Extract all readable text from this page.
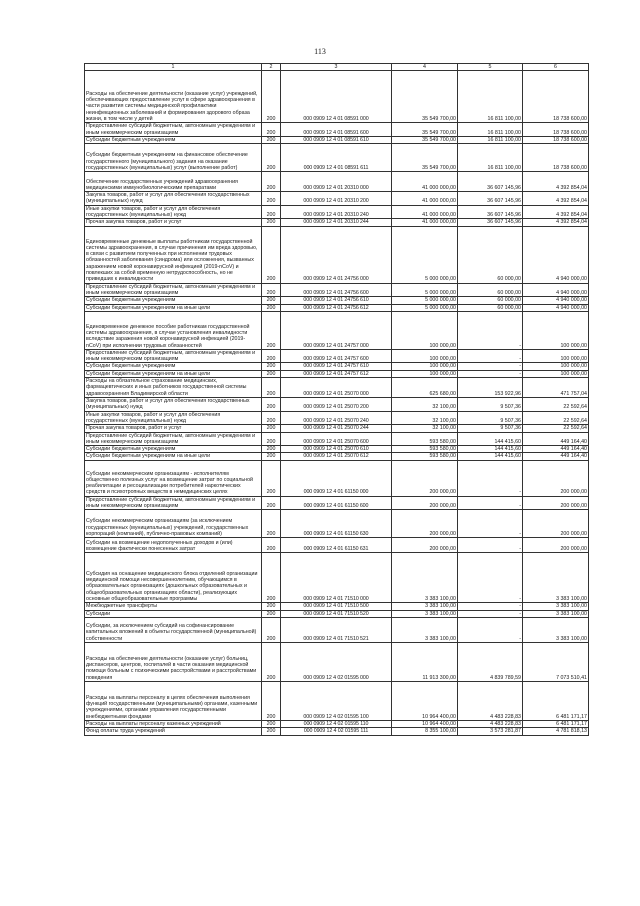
113
1	2	3	4	5	6
Расходы на обеспечение деятельности (оказание услуг) учреждений, обеспечивающих предоставление услуг в сфере здравоохранения в части развития системы медицинской профилактики неинфекционных заболеваний и формирования здорового образа жизни, в том числе у детей	200	000 0909 12 4 01 08591 000	35 549 700,00	16 811 100,00	18 738 600,00
Предоставление субсидий бюджетным, автономным учреждениям и иным некоммерческим организациям	200	000 0909 12 4 01 08591 600	35 549 700,00	16 811 100,00	18 738 600,00
Субсидии бюджетным учреждениям	200	000 0909 12 4 01 08591 610	35 549 700,00	16 811 100,00	18 738 600,00
Субсидии бюджетным учреждениям на финансовое обеспечение государственного (муниципального) задания на оказание государственных (муниципальных) услуг (выполнение работ)	200	000 0909 12 4 01 08591 611	35 549 700,00	16 811 100,00	18 738 600,00
Обеспечение государственных учреждений здравоохранения медицинскими иммунобиологическими препаратами	200	000 0909 12 4 01 20310 000	41 000 000,00	36 607 145,96	4 392 854,04
Закупка товаров, работ и услуг для обеспечения государственных (муниципальных) нужд	200	000 0909 12 4 01 20310 200	41 000 000,00	36 607 145,96	4 392 854,04
Иные закупки товаров, работ и услуг для обеспечения государственных (муниципальных) нужд	200	000 0909 12 4 01 20310 240	41 000 000,00	36 607 145,96	4 392 854,04
Прочая закупка товаров, работ и услуг	200	000 0909 12 4 01 20310 244	41 000 000,00	36 607 145,96	4 392 854,04
Единовременные денежные выплаты работникам государственной системы здравоохранения, в случае причинения им вреда здоровью, в связи с развитием полученных при исполнении трудовых обязанностей заболевания (синдрома) или осложнения, вызванных заражением новой коронавирусной инфекцией (2019-nCoV) и повлекших за собой временную нетрудоспособность, но не приведших к инвалидности	200	000 0909 12 4 01 24756 000	5 000 000,00	60 000,00	4 940 000,00
Предоставление субсидий бюджетным, автономным учреждениям и иным некоммерческим организациям	200	000 0909 12 4 01 24756 600	5 000 000,00	60 000,00	4 940 000,00
Субсидии бюджетным учреждениям	200	000 0909 12 4 01 24756 610	5 000 000,00	60 000,00	4 940 000,00
Субсидии бюджетным учреждениям на иные цели	200	000 0909 12 4 01 24756 612	5 000 000,00	60 000,00	4 940 000,00
Единовременное денежное пособие работникам государственной системы здравоохранения, в случае установления инвалидности вследствие заражения новой коронавирусной инфекцией (2019-nCoV) при исполнении трудовых обязанностей	200	000 0909 12 4 01 24757 000	100 000,00	-	100 000,00
Предоставление субсидий бюджетным, автономным учреждениям и иным некоммерческим организациям	200	000 0909 12 4 01 24757 600	100 000,00	-	100 000,00
Субсидии бюджетным учреждениям	200	000 0909 12 4 01 24757 610	100 000,00	-	100 000,00
Субсидии бюджетным учреждениям на иные цели	200	000 0909 12 4 01 24757 612	100 000,00	-	100 000,00
Расходы на обязательное страхование медицинских, фармацевтических и иных работников государственной системы здравоохранения Владимирской области	200	000 0909 12 4 01 25070 000	625 680,00	153 922,96	471 757,04
Закупка товаров, работ и услуг для обеспечения государственных (муниципальных) нужд	200	000 0909 12 4 01 25070 200	32 100,00	9 507,36	22 592,64
Иные закупки товаров, работ и услуг для обеспечения государственных (муниципальных) нужд	200	000 0909 12 4 01 25070 240	32 100,00	9 507,36	22 592,64
Прочая закупка товаров, работ и услуг	200	000 0909 12 4 01 25070 244	32 100,00	9 507,36	22 592,64
Предоставление субсидий бюджетным, автономным учреждениям и иным некоммерческим организациям	200	000 0909 12 4 01 25070 600	593 580,00	144 415,60	449 164,40
Субсидии бюджетным учреждениям	200	000 0909 12 4 01 25070 610	593 580,00	144 415,60	449 164,40
Субсидии бюджетным учреждениям на иные цели	200	000 0909 12 4 01 25070 612	593 580,00	144 415,60	449 164,40
Субсидии некоммерческим организациям - исполнителям общественно полезных услуг на возмещение затрат по социальной реабилитации и ресоциализации потребителей наркотических средств и психотропных веществ в немедицинских целях	200	000 0909 12 4 01 61150 000	200 000,00	-	200 000,00
Предоставление субсидий бюджетным, автономным учреждениям и иным некоммерческим организациям	200	000 0909 12 4 01 61150 600	200 000,00	-	200 000,00
Субсидии некоммерческим организациям (за исключением государственных (муниципальных) учреждений, государственных корпораций (компаний), публично-правовых компаний)	200	000 0909 12 4 01 61150 630	200 000,00	-	200 000,00
Субсидии на возмещение недополученных доходов и (или) возмещение фактически понесенных затрат	200	000 0909 12 4 01 61150 631	200 000,00	-	200 000,00
Субсидия на оснащение медицинского блока отделений организации медицинской помощи несовершеннолетним, обучающимся в образовательных организациях (дошкольных образовательных и общеобразовательных организациях области), реализующих основные общеобразовательные программы	200	000 0909 12 4 01 71510 000	3 383 100,00	-	3 383 100,00
Межбюджетные трансферты	200	000 0909 12 4 01 71510 500	3 383 100,00	-	3 383 100,00
Субсидии	200	000 0909 12 4 01 71510 520	3 383 100,00	-	3 383 100,00
Субсидии, за исключением субсидий на софинансирование капитальных вложений в объекты государственной (муниципальной) собственности	200	000 0909 12 4 01 71510 521	3 383 100,00	-	3 383 100,00
Расходы на обеспечение деятельности (оказание услуг) больниц, диспансеров, центров, госпиталей в части оказания медицинской помощи больным с психическими расстройствами и расстройствами поведения	200	000 0909 12 4 02 01595 000	11 913 300,00	4 839 789,59	7 073 510,41
Расходы на выплаты персоналу в целях обеспечения выполнения функций государственными (муниципальными) органами, казенными учреждениями, органами управления государственными внебюджетными фондами	200	000 0909 12 4 02 01595 100	10 964 400,00	4 483 228,83	6 481 171,17
Расходы на выплаты персоналу казенных учреждений	200	000 0909 12 4 02 01595 110	10 964 400,00	4 483 228,83	6 481 171,17
Фонд оплаты труда учреждений	200	000 0909 12 4 02 01595 111	8 355 100,00	3 573 281,87	4 781 818,13
